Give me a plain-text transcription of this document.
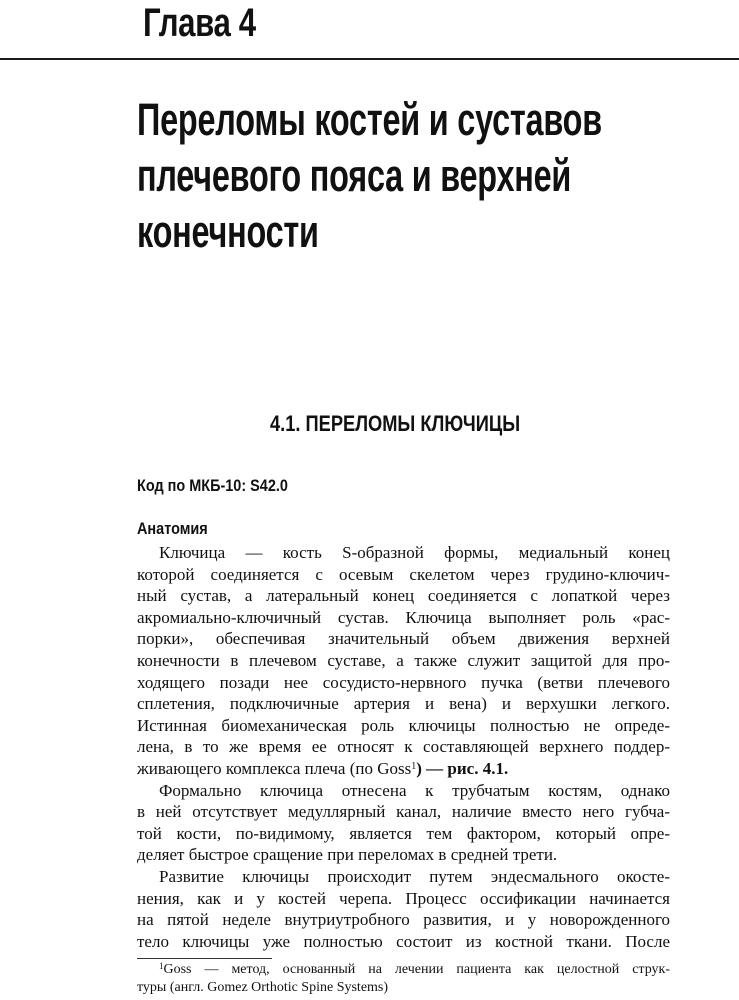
Глава 4
Переломы костей и суставов
плечевого пояса и верхней
конечности
4.1. ПЕРЕЛОМЫ КЛЮЧИЦЫ
Код по МКБ-10: S42.0
Анатомия
Ключица — кость S-образной формы, медиальный конец
которой соединяется с осевым скелетом через грудино-ключич-
ный сустав, а латеральный конец соединяется с лопаткой через
акромиально-ключичный сустав. Ключица выполняет роль «рас-
порки», обеспечивая значительный объем движения верхней
конечности в плечевом суставе, а также служит защитой для про-
ходящего позади нее сосудисто-нервного пучка (ветви плечевого
сплетения, подключичные артерия и вена) и верхушки легкого.
Истинная биомеханическая роль ключицы полностью не опреде-
лена, в то же время ее относят к составляющей верхнего поддер-
живающего комплекса плеча (по Goss$^1$) — рис. 4.1.
Формально ключица отнесена к трубчатым костям, однако
в ней отсутствует медуллярный канал, наличие вместо него губча-
той кости, по-видимому, является тем фактором, который опре-
деляет быстрое сращение при переломах в средней трети.
Развитие ключицы происходит путем эндесмального окосте-
нения, как и у костей черепа. Процесс оссификации начинается
на пятой неделе внутриутробного развития, и у новорожденного
тело ключицы уже полностью состоит из костной ткани. После
$^1$Goss — метод, основанный на лечении пациента как целостной струк-
туры (англ. Gomez Orthotic Spine Systems)
